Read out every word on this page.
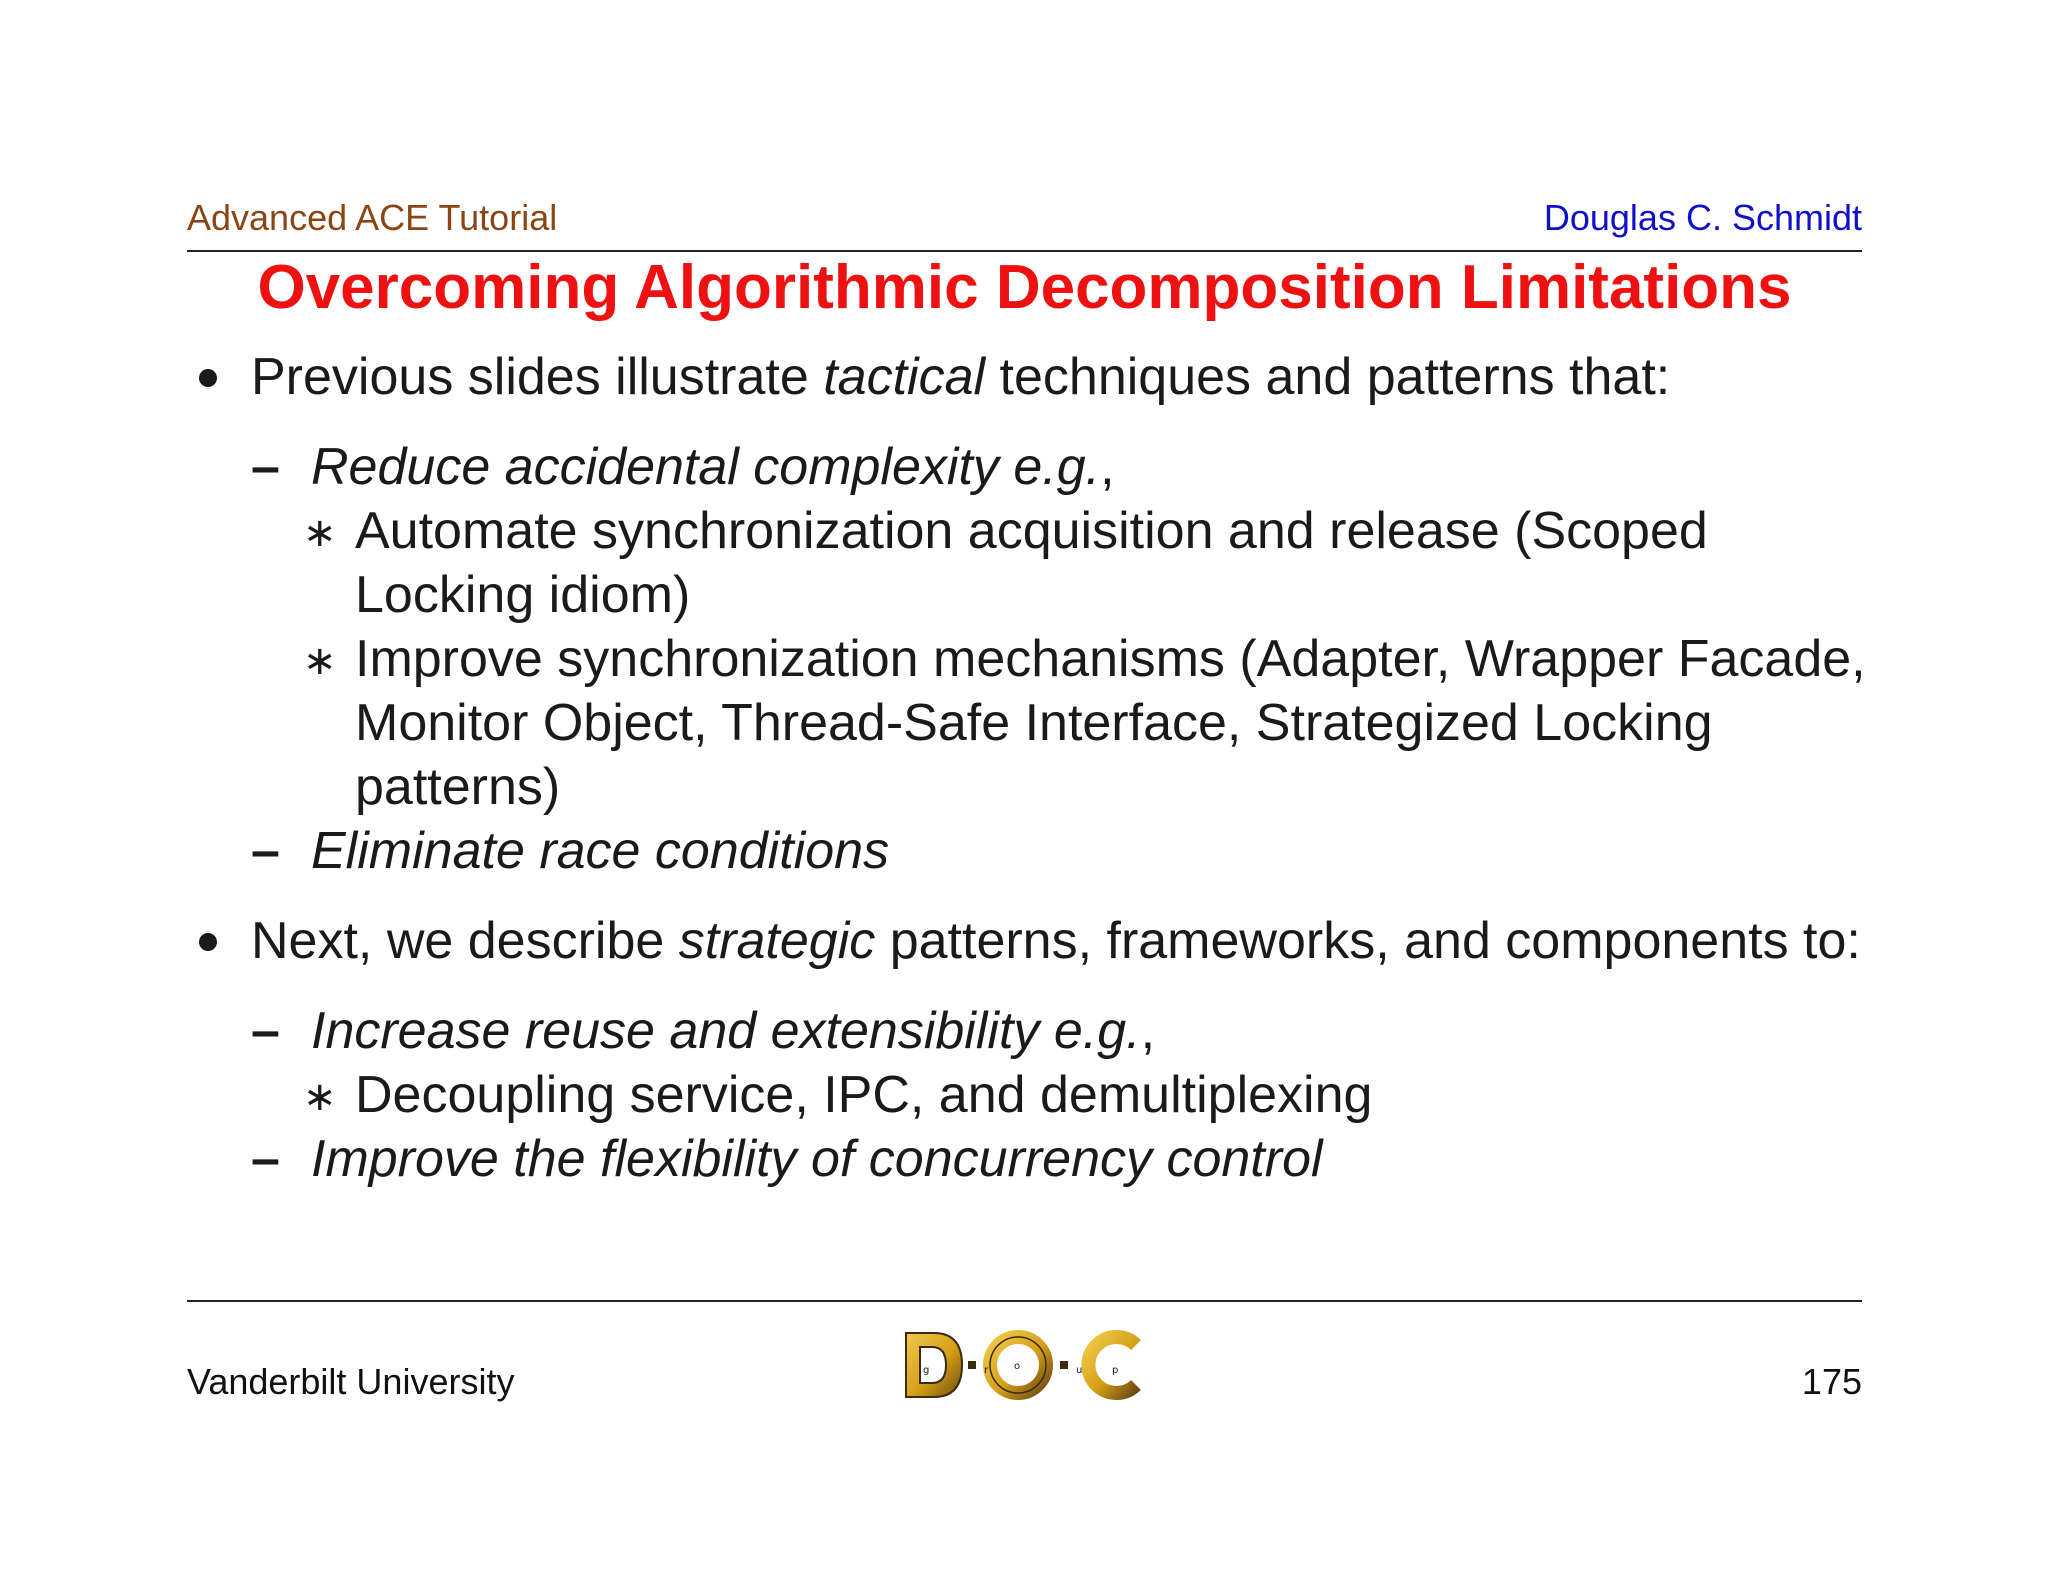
Advanced ACE Tutorial	Douglas C. Schmidt
Overcoming Algorithmic Decomposition Limitations
Previous slides illustrate tactical techniques and patterns that:
– Reduce accidental complexity e.g.,
∗ Automate synchronization acquisition and release (Scoped Locking idiom)
∗ Improve synchronization mechanisms (Adapter, Wrapper Facade, Monitor Object, Thread-Safe Interface, Strategized Locking patterns)
– Eliminate race conditions
Next, we describe strategic patterns, frameworks, and components to:
– Increase reuse and extensibility e.g.,
∗ Decoupling service, IPC, and demultiplexing
– Improve the flexibility of concurrency control
Vanderbilt University	g	r	o	u	p	175
